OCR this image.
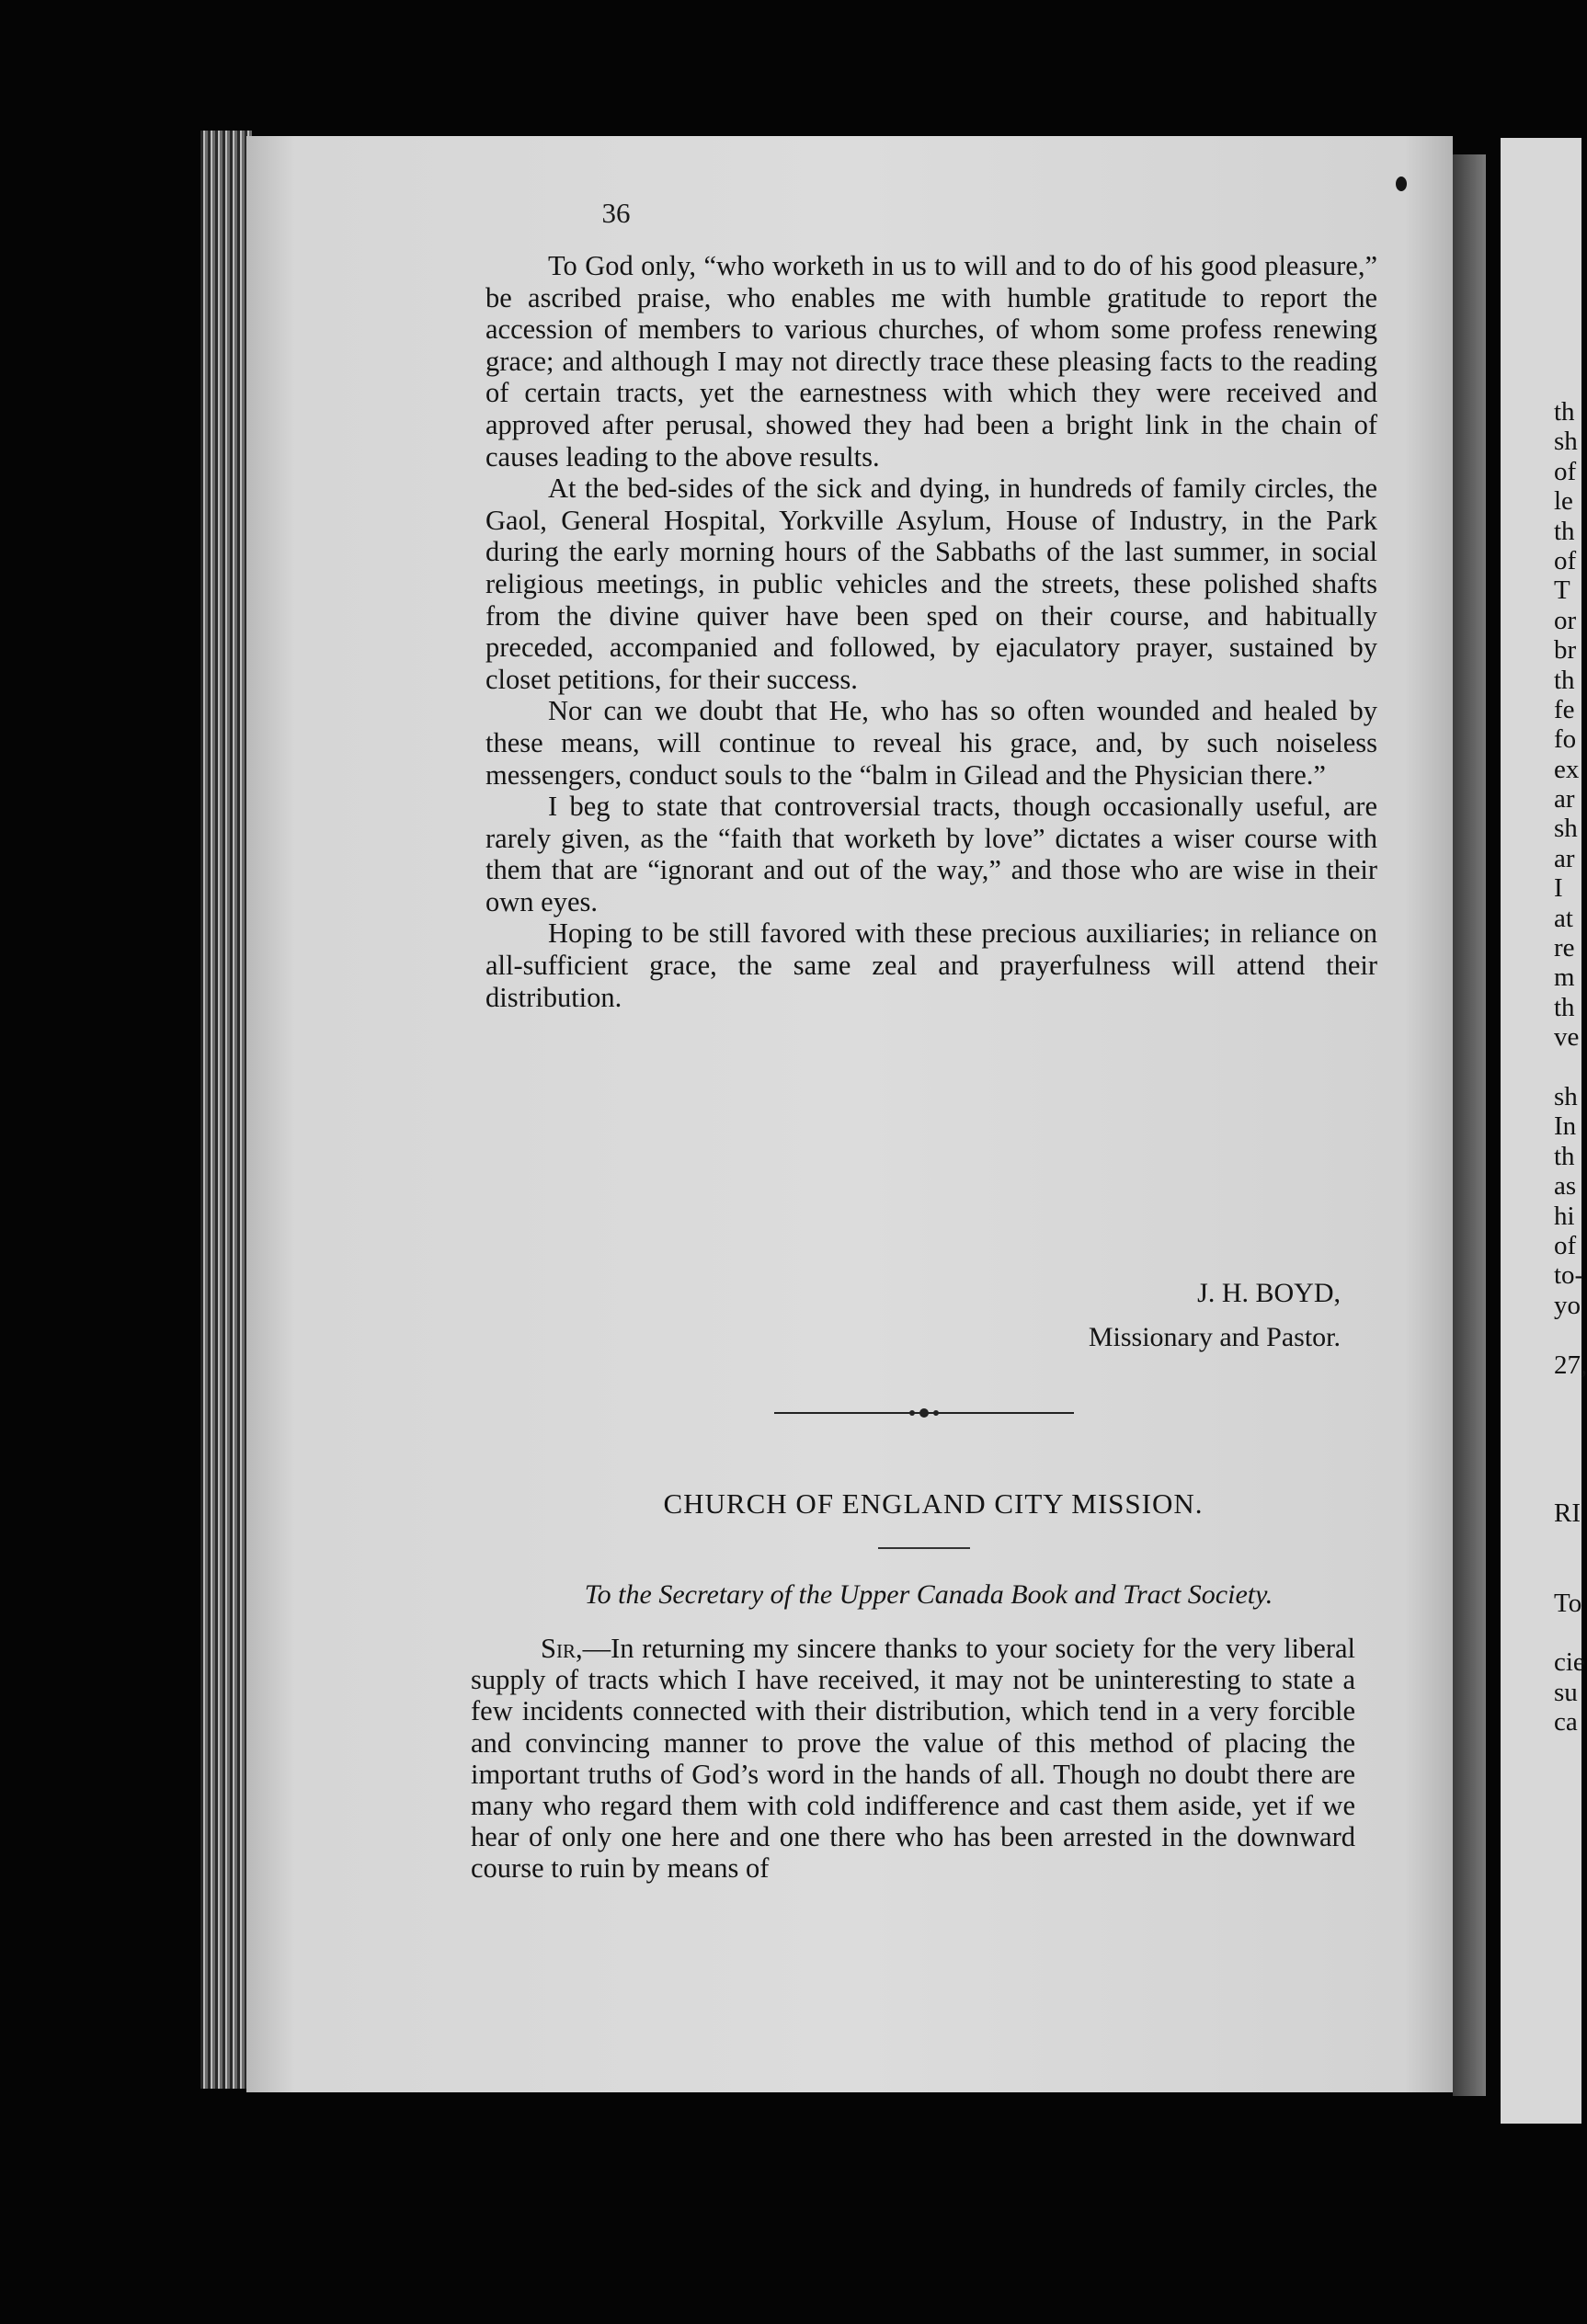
th
sh
of
le
th
of
T
or
br
th
fe
fo
ex
ar
sh
ar
I
at
re
m
th
ve
sh
In
th
as
hi
of
to-
yo
27,
RI
To
cie
su
ca
36

To God only, “who worketh in us to will and to do of his good pleasure,” be ascribed praise, who enables me with humble gratitude to report the accession of members to various churches, of whom some profess renewing grace; and although I may not directly trace these pleasing facts to the reading of certain tracts, yet the earnestness with which they were received and approved after perusal, showed they had been a bright link in the chain of causes leading to the above results.

At the bed-sides of the sick and dying, in hundreds of family circles, the Gaol, General Hospital, Yorkville Asylum, House of Industry, in the Park during the early morning hours of the Sabbaths of the last summer, in social religious meetings, in public vehicles and the streets, these polished shafts from the divine quiver have been sped on their course, and habitually preceded, accompanied and followed, by ejaculatory prayer, sustained by closet petitions, for their success.

Nor can we doubt that He, who has so often wounded and healed by these means, will continue to reveal his grace, and, by such noiseless messengers, conduct souls to the “balm in Gilead and the Physician there.”

I beg to state that controversial tracts, though occasionally useful, are rarely given, as the “faith that worketh by love” dictates a wiser course with them that are “ignorant and out of the way,” and those who are wise in their own eyes.

Hoping to be still favored with these precious auxiliaries; in reliance on all-sufficient grace, the same zeal and prayerfulness will attend their distribution.

J. H. BOYD,
Missionary and Pastor.
CHURCH OF ENGLAND CITY MISSION.
To the Secretary of the Upper Canada Book and Tract Society.

Sir,—In returning my sincere thanks to your society for the very liberal supply of tracts which I have received, it may not be uninteresting to state a few incidents connected with their distribution, which tend in a very forcible and convincing manner to prove the value of this method of placing the important truths of God’s word in the hands of all. Though no doubt there are many who regard them with cold indifference and cast them aside, yet if we hear of only one here and one there who has been arrested in the downward course to ruin by means of
